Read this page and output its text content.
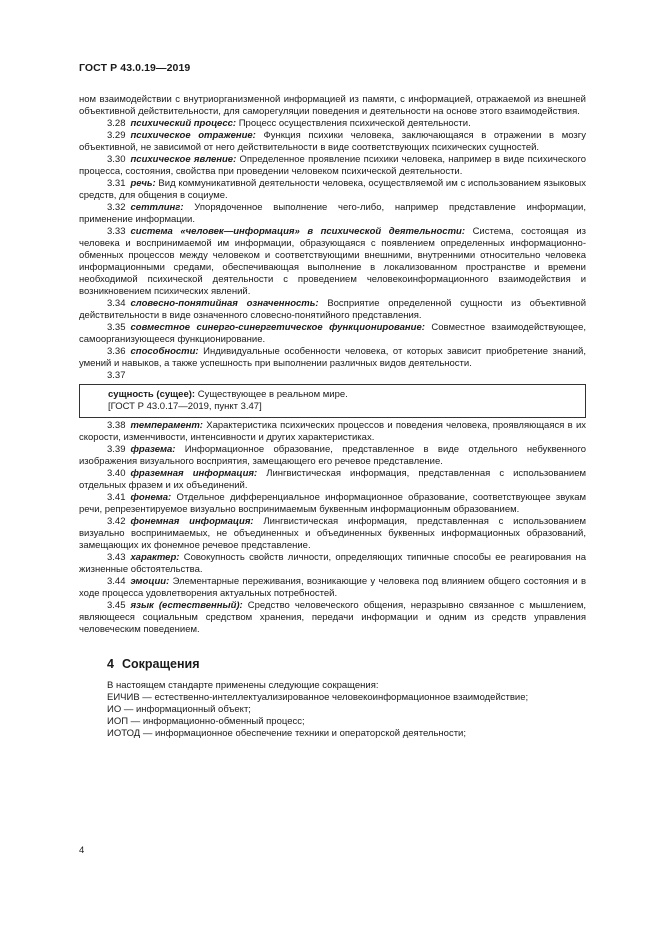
ГОСТ Р 43.0.19—2019

ном взаимодействии с внутриорганизменной информацией из памяти, с информацией, отражаемой из внешней объективной действительности, для саморегуляции поведения и деятельности на основе этого взаимодействия.

3.28 психический процесс: Процесс осуществления психической деятельности.

3.29 психическое отражение: Функция психики человека, заключающаяся в отражении в мозгу объективной, не зависимой от него действительности в виде соответствующих психических сущностей.

3.30 психическое явление: Определенное проявление психики человека, например в виде психического процесса, состояния, свойства при проведении человеком психической деятельности.

3.31 речь: Вид коммуникативной деятельности человека, осуществляемой им с использованием языковых средств, для общения в социуме.

3.32 сеттлинг: Упорядоченное выполнение чего-либо, например представление информации, применение информации.

3.33 система «человек—информация» в психической деятельности: Система, состоящая из человека и воспринимаемой им информации, образующаяся с появлением определенных информационно-обменных процессов между человеком и соответствующими внешними, внутренними относительно человека информационными средами, обеспечивающая выполнение в локализованном пространстве и времени необходимой психической деятельности с проведением человекоинформационного взаимодействия и возникновением психических явлений.

3.34 словесно-понятийная означенность: Восприятие определенной сущности из объективной действительности в виде означенного словесно-понятийного представления.

3.35 совместное синерго-синергетическое функционирование: Совместное взаимодействующее, самоорганизующееся функционирование.

3.36 способности: Индивидуальные особенности человека, от которых зависит приобретение знаний, умений и навыков, а также успешность при выполнении различных видов деятельности.

3.37
сущность (сущее): Существующее в реальном мире.
[ГОСТ Р 43.0.17—2019, пункт 3.47]

3.38 темперамент: Характеристика психических процессов и поведения человека, проявляющаяся в их скорости, изменчивости, интенсивности и других характеристиках.

3.39 фразема: Информационное образование, представленное в виде отдельного небуквенного изображения визуального восприятия, замещающего его речевое представление.

3.40 фраземная информация: Лингвистическая информация, представленная с использованием отдельных фразем и их объединений.

3.41 фонема: Отдельное дифференциальное информационное образование, соответствующее звукам речи, репрезентируемое визуально воспринимаемым буквенным информационным образованием.

3.42 фонемная информация: Лингвистическая информация, представленная с использованием визуально воспринимаемых, не объединенных и объединенных буквенных информационных образований, замещающих их фонемное речевое представление.

3.43 характер: Совокупность свойств личности, определяющих типичные способы ее реагирования на жизненные обстоятельства.

3.44 эмоции: Элементарные переживания, возникающие у человека под влиянием общего состояния и в ходе процесса удовлетворения актуальных потребностей.

3.45 язык (естественный): Средство человеческого общения, неразрывно связанное с мышлением, являющееся социальным средством хранения, передачи информации и одним из средств управления человеческим поведением.

4 Сокращения

В настоящем стандарте применены следующие сокращения:

ЕИЧИВ — естественно-интеллектуализированное человекоинформационное взаимодействие;

ИО — информационный объект;

ИОП — информационно-обменный процесс;

ИОТОД — информационное обеспечение техники и операторской деятельности;

4
